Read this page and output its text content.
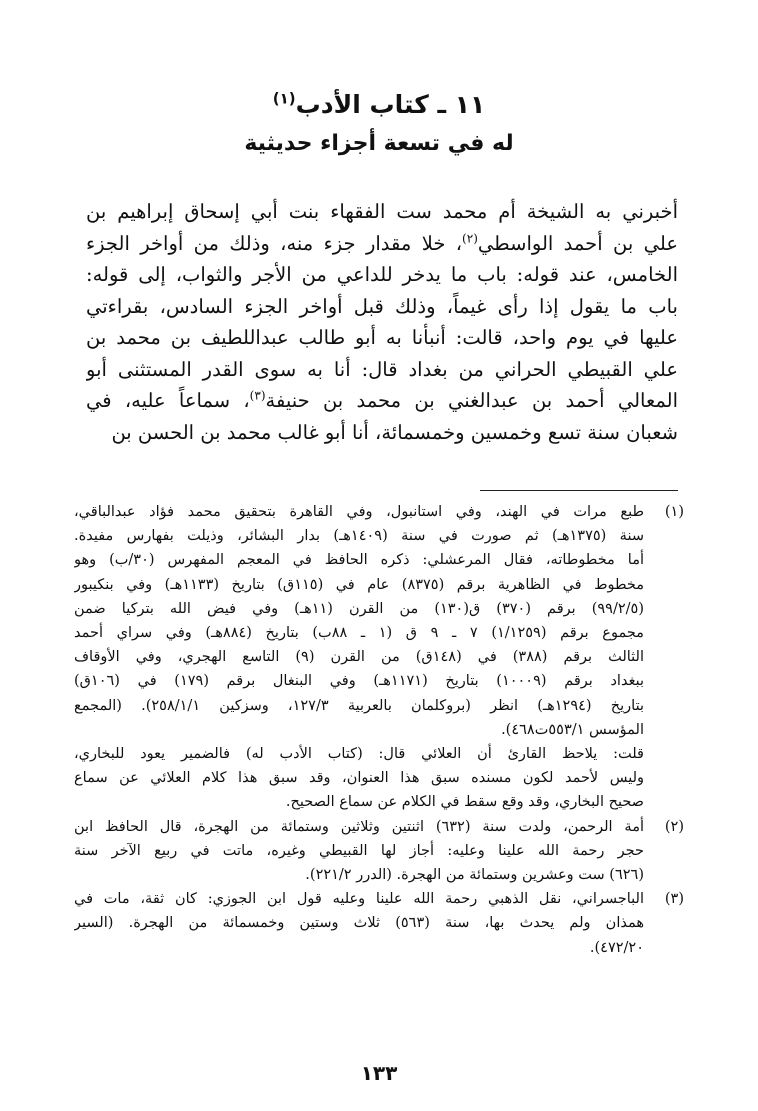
١١ ـ كتاب الأدب$^{(١)}$
له في تسعة أجزاء حديثية
أخبرني به الشيخة أم محمد ست الفقهاء بنت أبي إسحاق إبراهيم بن
علي بن أحمد الواسطي$^{(٢)}$، خلا مقدار جزء منه، وذلك من أواخر الجزء
الخامس، عند قوله: باب ما يدخر للداعي من الأجر والثواب، إلى قوله:
باب ما يقول إذا رأى غيماً، وذلك قبل أواخر الجزء السادس، بقراءتي
عليها في يوم واحد، قالت: أنبأنا به أبو طالب عبداللطيف بن محمد بن
علي القبيطي الحراني من بغداد قال: أنا به سوى القدر المستثنى أبو
المعالي أحمد بن عبدالغني بن محمد بن حنيفة$^{(٣)}$، سماعاً عليه، في
شعبان سنة تسع وخمسين وخمسمائة، أنا أبو غالب محمد بن الحسن بن
(١)
طبع مرات في الهند، وفي استانبول، وفي القاهرة بتحقيق محمد فؤاد عبدالباقي،
سنة (١٣٧٥هـ) ثم صورت في سنة (١٤٠٩هـ) بدار البشائر، وذيلت بفهارس مفيدة.
أما مخطوطاته، فقال المرعشلي: ذكره الحافظ في المعجم المفهرس (٣٠/ب) وهو
مخطوط في الظاهرية برقم (٨٣٧٥) عام في (١١٥ق) بتاريخ (١١٣٣هـ) وفي بنكيبور
(٩٩/٢/٥) برقم (٣٧٠) ق(١٣٠) من القرن (١١هـ) وفي فيض الله بتركيا ضمن
مجموع برقم (١/١٢٥٩) ٧ ـ ٩ ق (١ ـ ٨٨ب) بتاريخ (٨٨٤هـ) وفي سراي أحمد
الثالث برقم (٣٨٨) في (١٤٨ق) من القرن (٩) التاسع الهجري، وفي الأوقاف
ببغداد برقم (١٠٠٠٩) بتاريخ (١١٧١هـ) وفي البنغال برقم (١٧٩) في (١٠٦ق)
بتاريخ (١٢٩٤هـ) انظر (بروكلمان بالعربية ١٢٧/٣، وسزكين ٢٥٨/١/١). (المجمع
المؤسس ٥٥٣/١ت٤٦٨).
قلت: يلاحظ القارئ أن العلائي قال: (كتاب الأدب له) فالضمير يعود للبخاري،
وليس لأحمد لكون مسنده سبق هذا العنوان، وقد سبق هذا كلام العلائي عن سماع
صحيح البخاري، وقد وقع سقط في الكلام عن سماع الصحيح.
(٢)
أمة الرحمن، ولدت سنة (٦٣٢) اثنتين وثلاثين وستمائة من الهجرة، قال الحافظ ابن
حجر رحمة الله علينا وعليه: أجاز لها القبيطي وغيره، ماتت في ربيع الآخر سنة
(٦٢٦) ست وعشرين وستمائة من الهجرة. (الدرر ٢٢١/٢).
(٣)
الباجسراني، نقل الذهبي رحمة الله علينا وعليه قول ابن الجوزي: كان ثقة، مات في
همذان ولم يحدث بها، سنة (٥٦٣) ثلاث وستين وخمسمائة من الهجرة. (السير
٤٧٢/٢٠).
١٣٣
